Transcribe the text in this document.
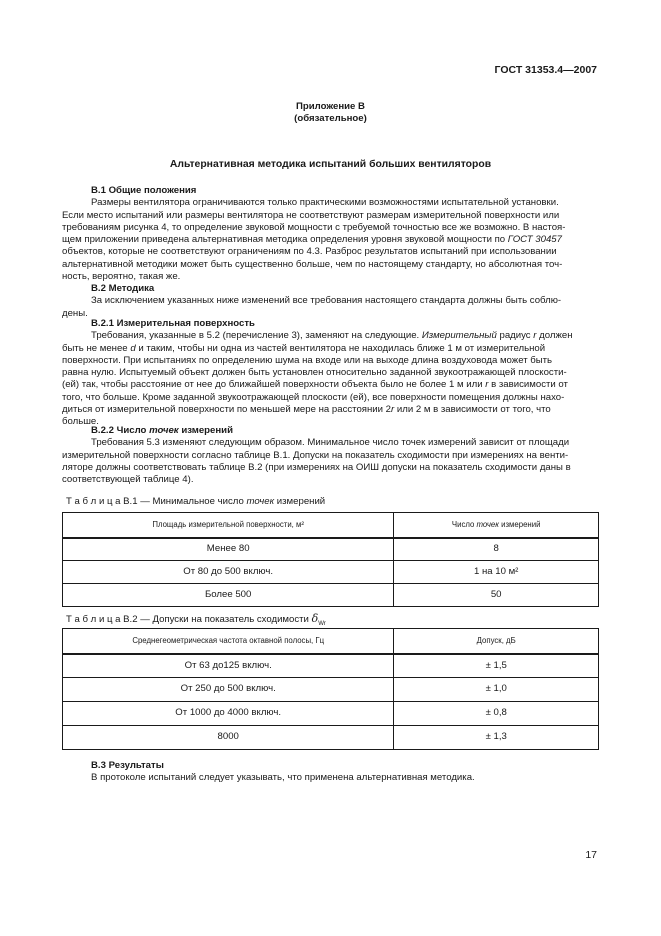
ГОСТ 31353.4—2007
Приложение В
(обязательное)
Альтернативная методика испытаний больших вентиляторов

В.1 Общие положения

Размеры вентилятора ограничиваются только практическими возможностями испытательной установки.

Если место испытаний или размеры вентилятора не соответствуют размерам измерительной поверхности или

требованиям рисунка 4, то определение звуковой мощности с требуемой точностью все же возможно. В настоя-

щем приложении приведена альтернативная методика определения уровня звуковой мощности по ГОСТ 30457

объектов, которые не соответствуют ограничениям по 4.3. Разброс результатов испытаний при использовании

альтернативной методики может быть существенно больше, чем по настоящему стандарту, но абсолютная точ-

ность, вероятно, такая же.

В.2 Методика

За исключением указанных ниже изменений все требования настоящего стандарта должны быть соблю-

дены.

В.2.1 Измерительная поверхность

Требования, указанные в 5.2 (перечисление 3), заменяют на следующие. Измерительный радиус r должен

быть не менее d и таким, чтобы ни одна из частей вентилятора не находилась ближе 1 м от измерительной

поверхности. При испытаниях по определению шума на входе или на выходе длина воздуховода может быть

равна нулю. Испытуемый объект должен быть установлен относительно заданной звукоотражающей плоскости-

(ей) так, чтобы расстояние от нее до ближайшей поверхности объекта было не более 1 м или r в зависимости от

того, что больше. Кроме заданной звукоотражающей плоскости (ей), все поверхности помещения должны нахо-

диться от измерительной поверхности по меньшей мере на расстоянии 2r или 2 м в зависимости от того, что

больше.

В.2.2 Число точек измерений

Требования 5.3 изменяют следующим образом. Минимальное число точек измерений зависит от площади

измерительной поверхности согласно таблице В.1. Допуски на показатель сходимости при измерениях на венти-

ляторе должны соответствовать таблице В.2 (при измерениях на ОИШ допуски на показатель сходимости даны в

соответствующей таблице 4).

Т а б л и ц а В.1 — Минимальное число точек измерений
Площадь измерительной поверхности, м²	Число точек измерений
Менее 80	8
От 80 до 500 включ.	1 на 10 м²
Более 500	50
Т а б л и ц а В.2 — Допуски на показатель сходимости $\delta_{Wr}$
Среднегеометрическая частота октавной полосы, Гц	Допуск, дБ
От 63 до125 включ.	± 1,5
От 250 до 500 включ.	± 1,0
От 1000 до 4000 включ.	± 0,8
8000	± 1,3

В.3 Результаты

В протоколе испытаний следует указывать, что применена альтернативная методика.

17
